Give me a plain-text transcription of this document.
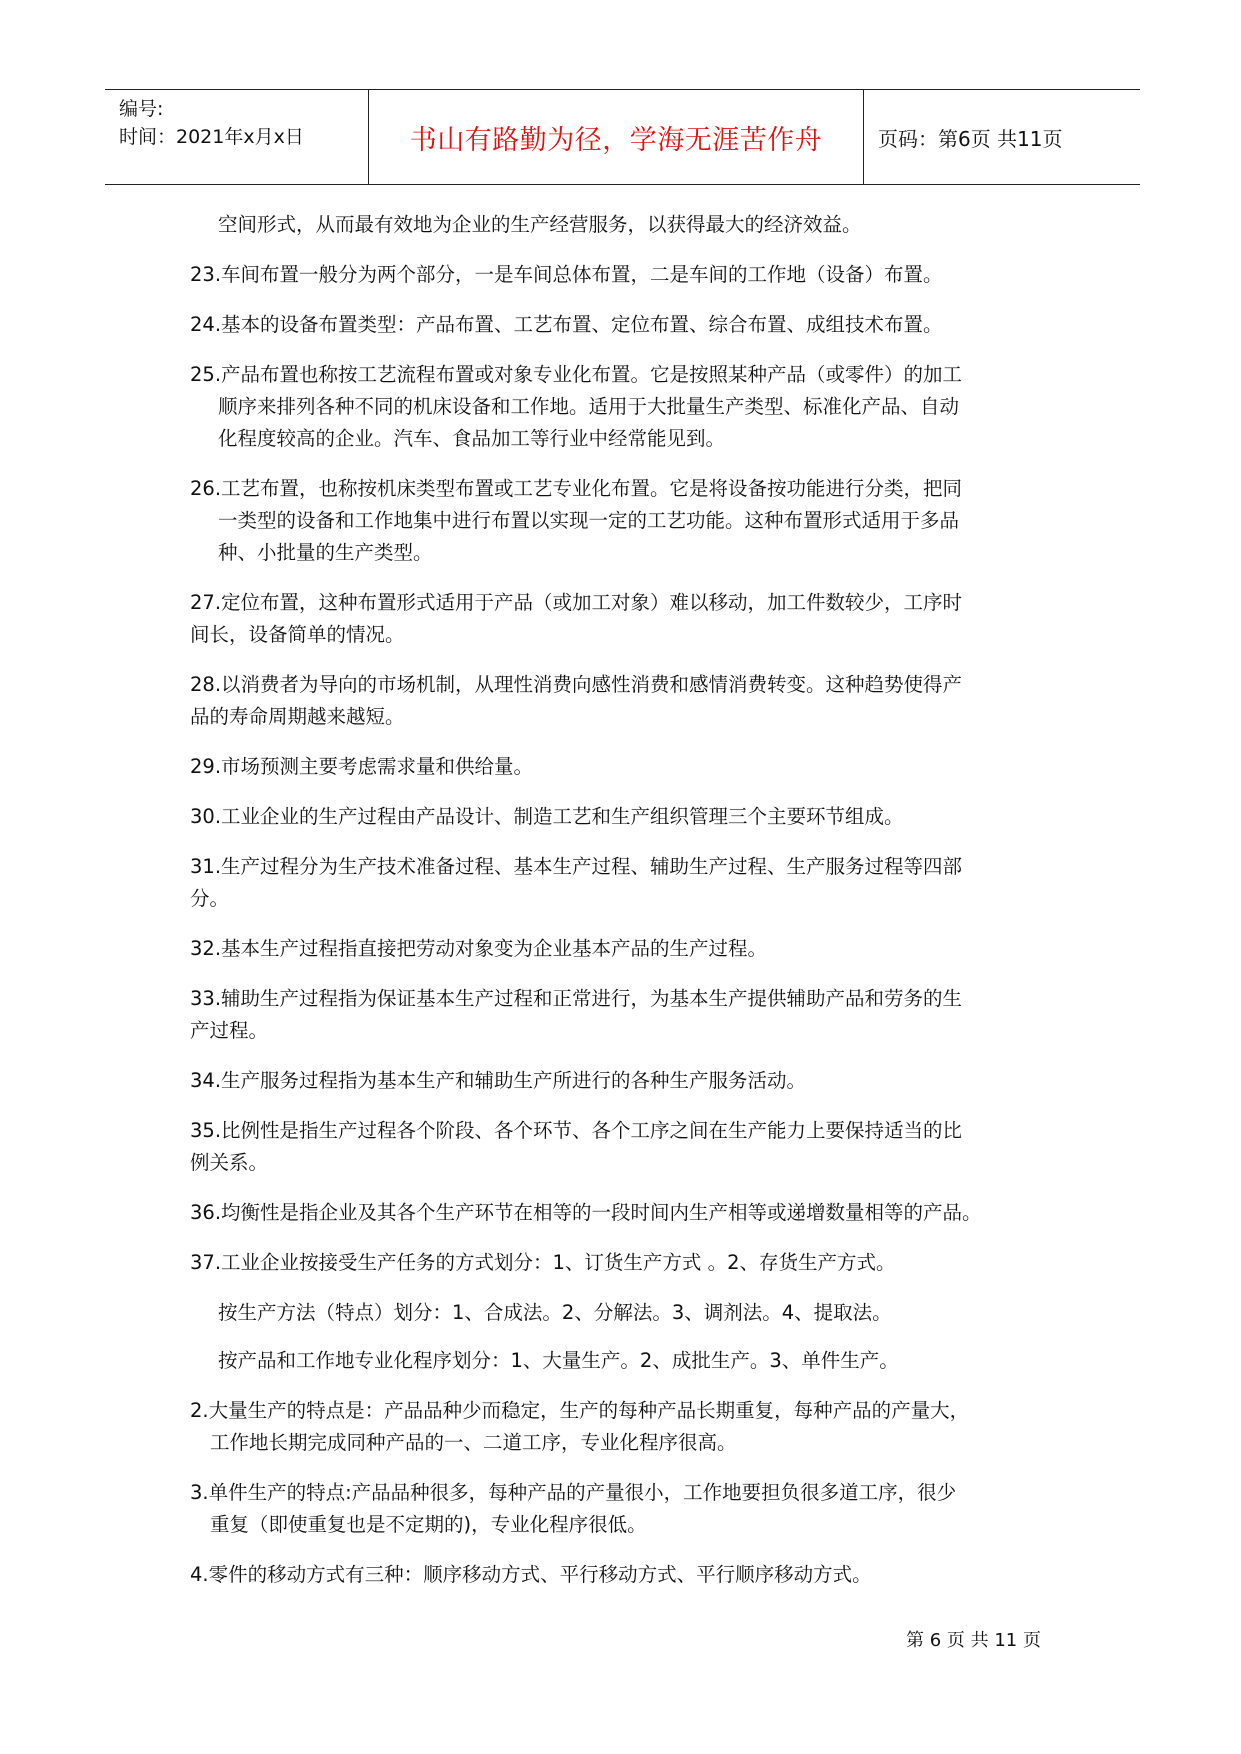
编号:
时间：2021年x月x日	书山有路勤为径，学海无涯苦作舟	页码：第6页 共11页
空间形式，从而最有效地为企业的生产经营服务，以获得最大的经济效益。
23.车间布置一般分为两个部分，一是车间总体布置，二是车间的工作地（设备）布置。
24.基本的设备布置类型：产品布置、工艺布置、定位布置、综合布置、成组技术布置。
25.产品布置也称按工艺流程布置或对象专业化布置。它是按照某种产品（或零件）的加工
顺序来排列各种不同的机床设备和工作地。适用于大批量生产类型、标准化产品、自动
化程度较高的企业。汽车、食品加工等行业中经常能见到。
26.工艺布置，也称按机床类型布置或工艺专业化布置。它是将设备按功能进行分类，把同
一类型的设备和工作地集中进行布置以实现一定的工艺功能。这种布置形式适用于多品
种、小批量的生产类型。
27.定位布置，这种布置形式适用于产品（或加工对象）难以移动，加工件数较少，工序时
间长，设备简单的情况。
28.以消费者为导向的市场机制，从理性消费向感性消费和感情消费转变。这种趋势使得产
品的寿命周期越来越短。
29.市场预测主要考虑需求量和供给量。
30.工业企业的生产过程由产品设计、制造工艺和生产组织管理三个主要环节组成。
31.生产过程分为生产技术准备过程、基本生产过程、辅助生产过程、生产服务过程等四部
分。
32.基本生产过程指直接把劳动对象变为企业基本产品的生产过程。
33.辅助生产过程指为保证基本生产过程和正常进行，为基本生产提供辅助产品和劳务的生
产过程。
34.生产服务过程指为基本生产和辅助生产所进行的各种生产服务活动。
35.比例性是指生产过程各个阶段、各个环节、各个工序之间在生产能力上要保持适当的比
例关系。
36.均衡性是指企业及其各个生产环节在相等的一段时间内生产相等或递增数量相等的产品。
37.工业企业按接受生产任务的方式划分：1、订货生产方式 。2、存货生产方式。
按生产方法（特点）划分：1、合成法。2、分解法。3、调剂法。4、提取法。
按产品和工作地专业化程序划分：1、大量生产。2、成批生产。3、单件生产。
2.大量生产的特点是：产品品种少而稳定，生产的每种产品长期重复，每种产品的产量大，
工作地长期完成同种产品的一、二道工序，专业化程序很高。
3.单件生产的特点:产品品种很多，每种产品的产量很小，工作地要担负很多道工序，很少
重复（即使重复也是不定期的)，专业化程序很低。
4.零件的移动方式有三种：顺序移动方式、平行移动方式、平行顺序移动方式。
第 6 页 共 11 页
